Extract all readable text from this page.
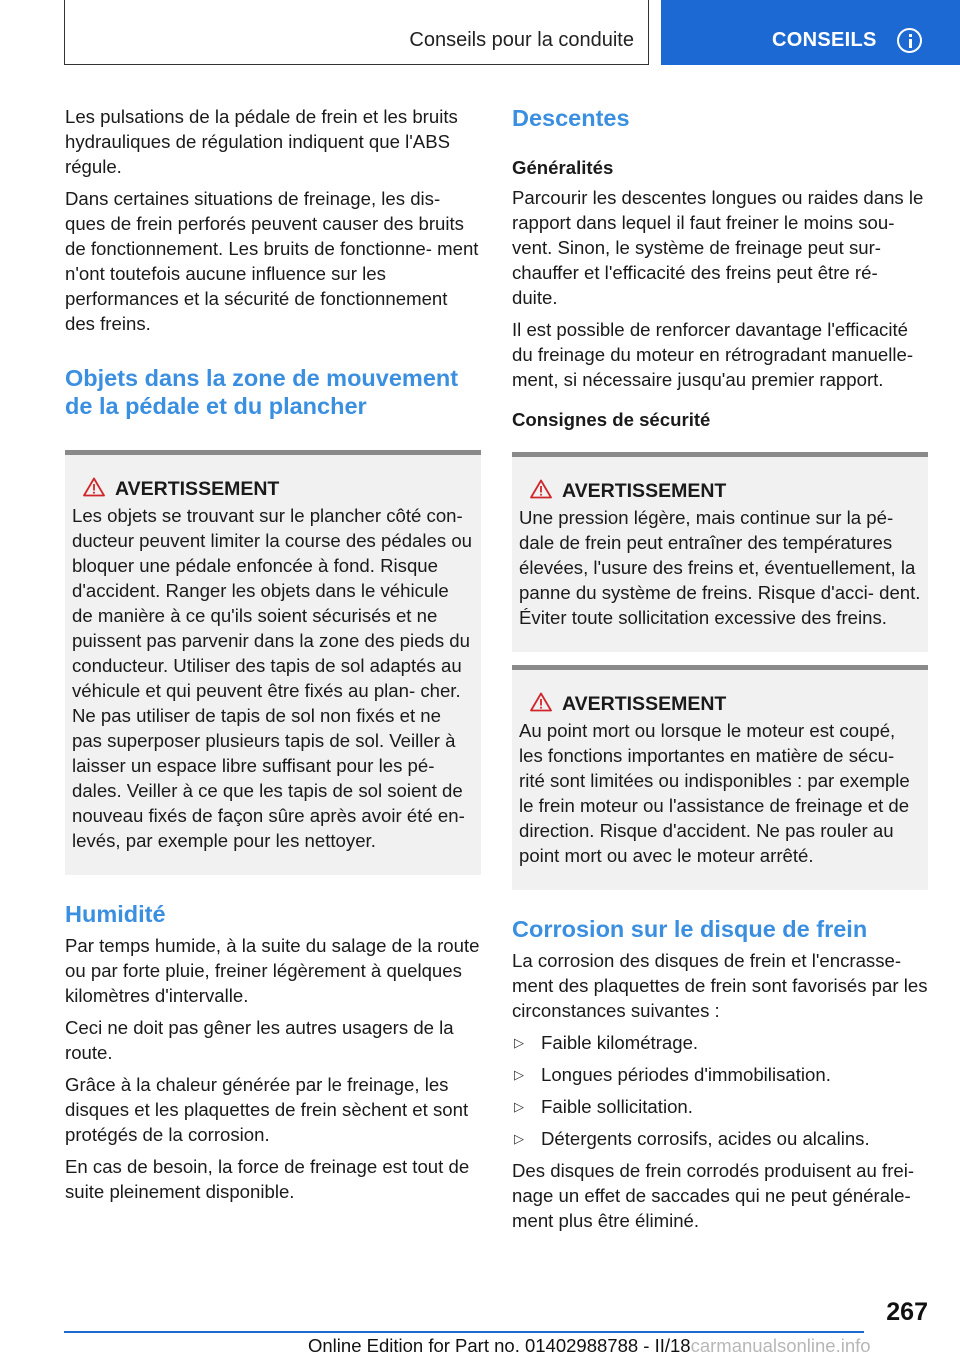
Conseils pour la conduite	CONSEILS

Les pulsations de la pédale de frein et les bruits hydrauliques de régulation indiquent que l'ABS régule.

Dans certaines situations de freinage, les dis- ques de frein perforés peuvent causer des bruits de fonctionnement. Les bruits de fonctionne- ment n'ont toutefois aucune influence sur les performances et la sécurité de fonctionnement des freins.

Objets dans la zone de mouvement de la pédale et du plancher
AVERTISSEMENT

Les objets se trouvant sur le plancher côté con- ducteur peuvent limiter la course des pédales ou bloquer une pédale enfoncée à fond. Risque d'accident. Ranger les objets dans le véhicule de manière à ce qu'ils soient sécurisés et ne puissent pas parvenir dans la zone des pieds du conducteur. Utiliser des tapis de sol adaptés au véhicule et qui peuvent être fixés au plan- cher. Ne pas utiliser de tapis de sol non fixés et ne pas superposer plusieurs tapis de sol. Veiller à laisser un espace libre suffisant pour les pé- dales. Veiller à ce que les tapis de sol soient de nouveau fixés de façon sûre après avoir été en- levés, par exemple pour les nettoyer.

Humidité

Par temps humide, à la suite du salage de la route ou par forte pluie, freiner légèrement à quelques kilomètres d'intervalle.

Ceci ne doit pas gêner les autres usagers de la route.

Grâce à la chaleur générée par le freinage, les disques et les plaquettes de frein sèchent et sont protégés de la corrosion.

En cas de besoin, la force de freinage est tout de suite pleinement disponible.

Descentes
Généralités

Parcourir les descentes longues ou raides dans le rapport dans lequel il faut freiner le moins sou- vent. Sinon, le système de freinage peut sur- chauffer et l'efficacité des freins peut être ré- duite.

Il est possible de renforcer davantage l'efficacité du freinage du moteur en rétrogradant manuelle- ment, si nécessaire jusqu'au premier rapport.

Consignes de sécurité
AVERTISSEMENT

Une pression légère, mais continue sur la pé- dale de frein peut entraîner des températures élevées, l'usure des freins et, éventuellement, la panne du système de freins. Risque d'acci- dent. Éviter toute sollicitation excessive des freins.

AVERTISSEMENT

Au point mort ou lorsque le moteur est coupé, les fonctions importantes en matière de sécu- rité sont limitées ou indisponibles : par exemple le frein moteur ou l'assistance de freinage et de direction. Risque d'accident. Ne pas rouler au point mort ou avec le moteur arrêté.

Corrosion sur le disque de frein

La corrosion des disques de frein et l'encrasse- ment des plaquettes de frein sont favorisés par les circonstances suivantes :

▷ Faible kilométrage.
▷ Longues périodes d'immobilisation.
▷ Faible sollicitation.
▷ Détergents corrosifs, acides ou alcalins.

Des disques de frein corrodés produisent au frei- nage un effet de saccades qui ne peut générale- ment plus être éliminé.

267
Online Edition for Part no. 01402988788 - II/18carmanualsonline.info
